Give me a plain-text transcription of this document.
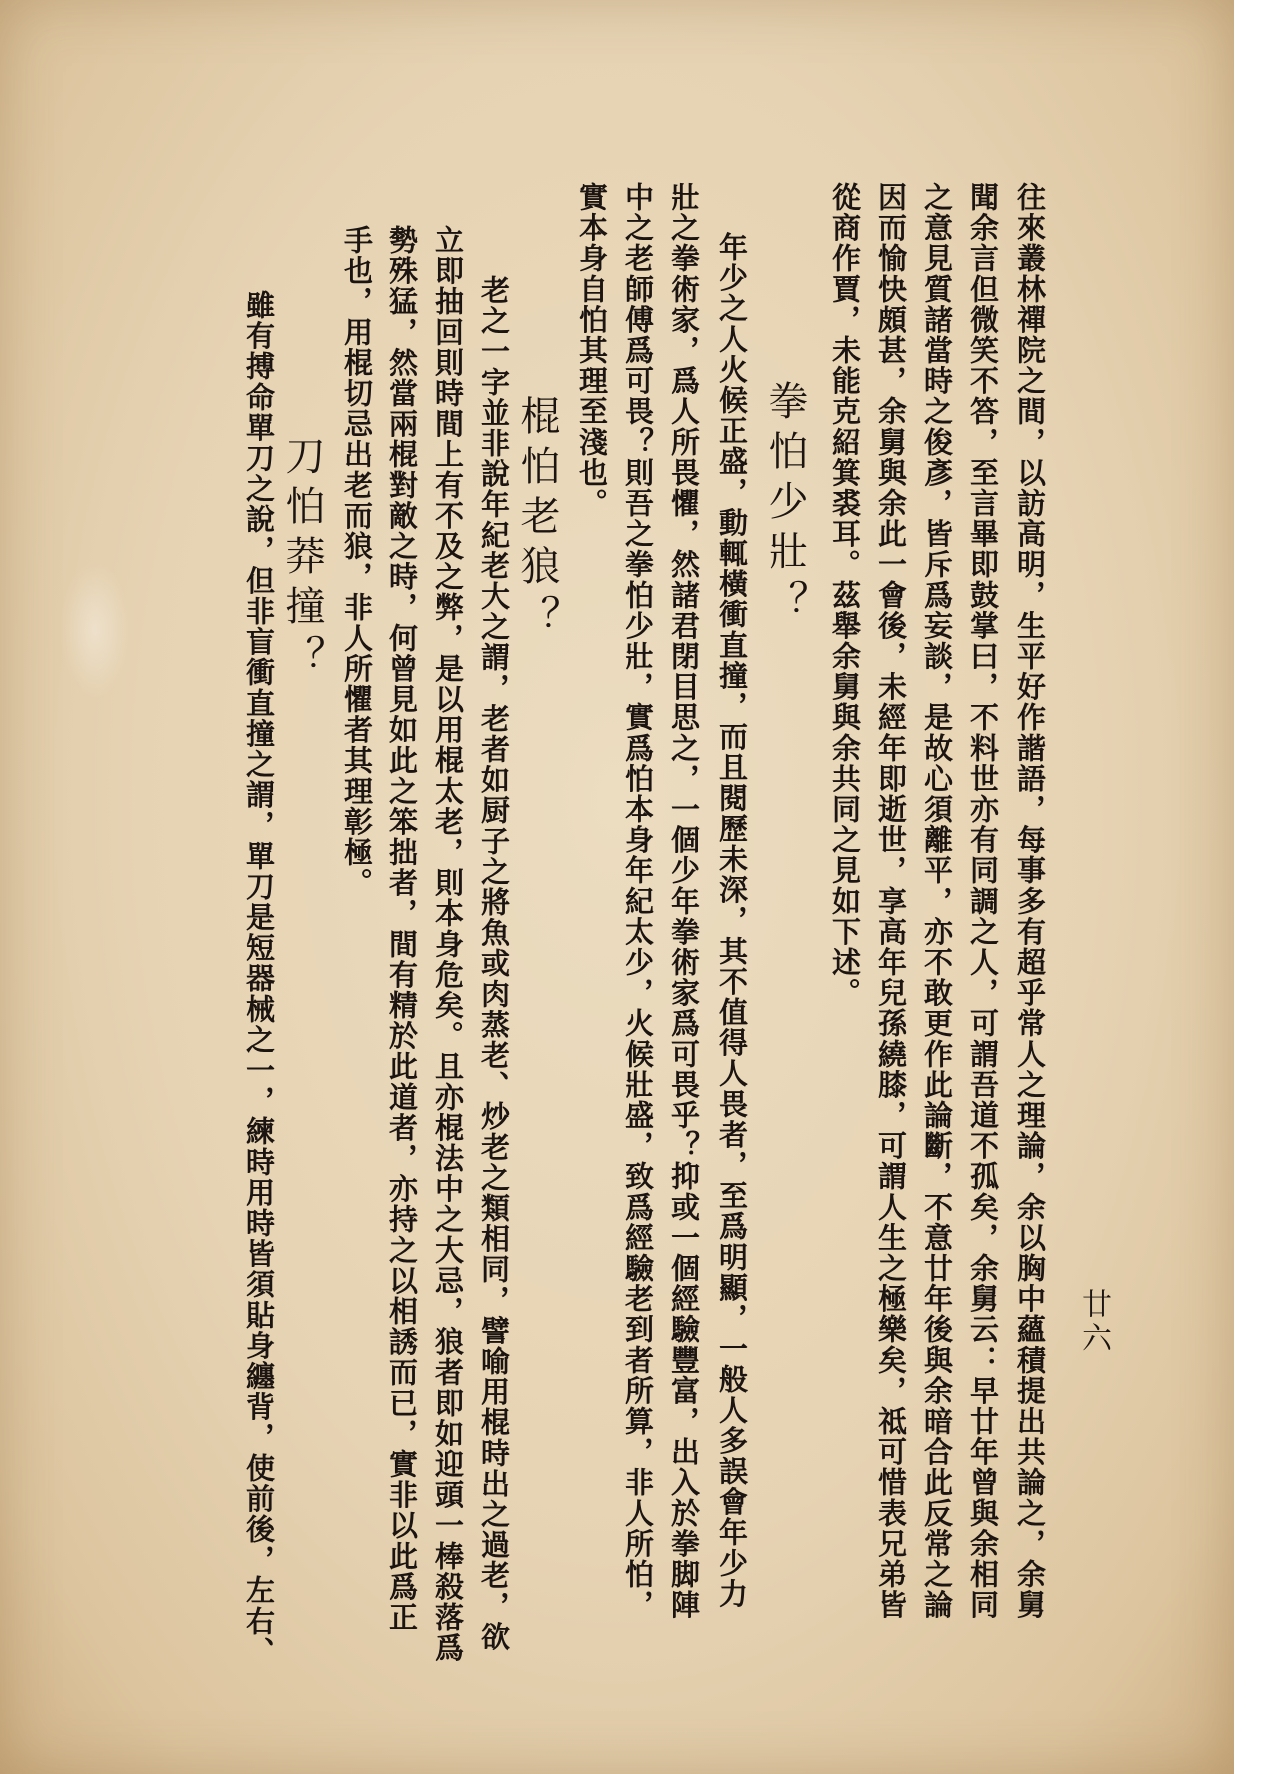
廿六
往來叢林禪院之間，以訪高明，生平好作諧語，每事多有超乎常人之理論，余以胸中蘊積提出共論之，余舅
聞余言但微笑不答，至言畢即鼓掌曰，不料世亦有同調之人，可謂吾道不孤矣，余舅云：早廿年曾與余相同
之意見質諸當時之俊彥，皆斥爲妄談，是故心須離平，亦不敢更作此論斷，不意廿年後與余暗合此反常之論
因而愉快頗甚，余舅與余此一會後，未經年即逝世，享高年兒孫繞膝，可謂人生之極樂矣，祗可惜表兄弟皆
從商作賈，未能克紹箕裘耳。茲舉余舅與余共同之見如下述。
拳怕少壯？
年少之人火候正盛，動輒橫衝直撞，而且閱歷未深，其不值得人畏者，至爲明顯，一般人多誤會年少力
壯之拳術家，爲人所畏懼，然諸君閉目思之，一個少年拳術家爲可畏乎？抑或一個經驗豐富，出入於拳脚陣
中之老師傅爲可畏？則吾之拳怕少壯，實爲怕本身年紀太少，火候壯盛，致爲經驗老到者所算，非人所怕，
實本身自怕其理至淺也。
棍怕老狼？
老之一字並非說年紀老大之謂，老者如厨子之將魚或肉蒸老、炒老之類相同，譬喻用棍時出之過老，欲
立即抽回則時間上有不及之弊，是以用棍太老，則本身危矣。且亦棍法中之大忌，狼者即如迎頭一棒殺落爲
勢殊猛，然當兩棍對敵之時，何曾見如此之笨拙者，間有精於此道者，亦持之以相誘而已，實非以此爲正
手也，用棍切忌出老而狼，非人所懼者其理彰極。
刀怕莽撞？
雖有搏命單刀之說，但非盲衝直撞之謂，單刀是短器械之一，練時用時皆須貼身纏背，使前後，左右、
